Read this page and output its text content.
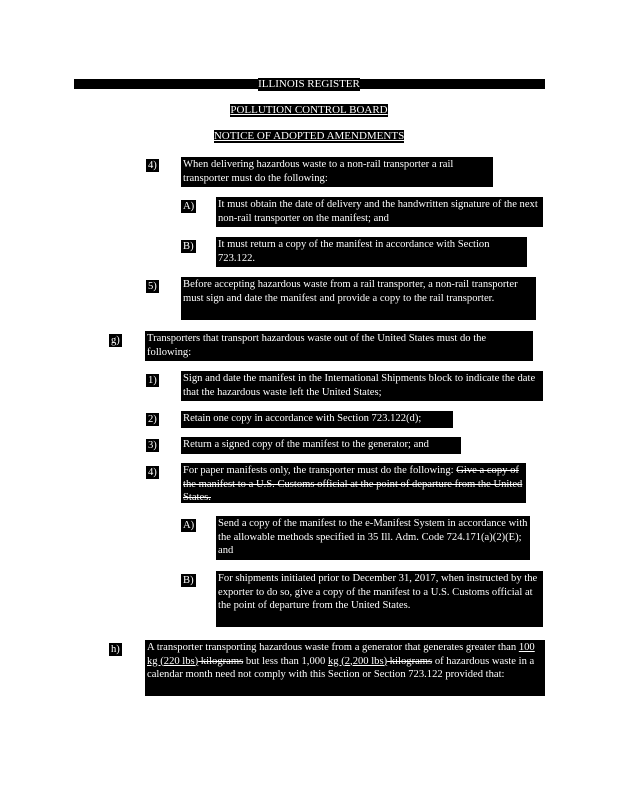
ILLINOIS REGISTER
POLLUTION CONTROL BOARD
NOTICE OF ADOPTED AMENDMENTS
4) When delivering hazardous waste to a non-rail transporter a rail transporter must do the following:
A) It must obtain the date of delivery and the handwritten signature of the next non-rail transporter on the manifest; and
B) It must return a copy of the manifest in accordance with Section 723.122.
5) Before accepting hazardous waste from a rail transporter, a non-rail transporter must sign and date the manifest and provide a copy to the rail transporter.
g)	Transporters that transport hazardous waste out of the United States must do the following:
1) Sign and date the manifest in the International Shipments block to indicate the date that the hazardous waste left the United States;
2) Retain one copy in accordance with Section 723.122(d);
3) Return a signed copy of the manifest to the generator; and
4) For paper manifests only, the transporter must do the following: Give a copy of the manifest to a U.S. Customs official at the point of departure from the United States.
A) Send a copy of the manifest to the e-Manifest System in accordance with the allowable methods specified in 35 Ill. Adm. Code 724.171(a)(2)(E); and
B) For shipments initiated prior to December 31, 2017, when instructed by the exporter to do so, give a copy of the manifest to a U.S. Customs official at the point of departure from the United States.
h)	A transporter transporting hazardous waste from a generator that generates greater than 100 kg (220 lbs) kilograms but less than 1,000 kg (2,200 lbs) kilograms of hazardous waste in a calendar month need not comply with this Section or Section 723.122 provided that:
